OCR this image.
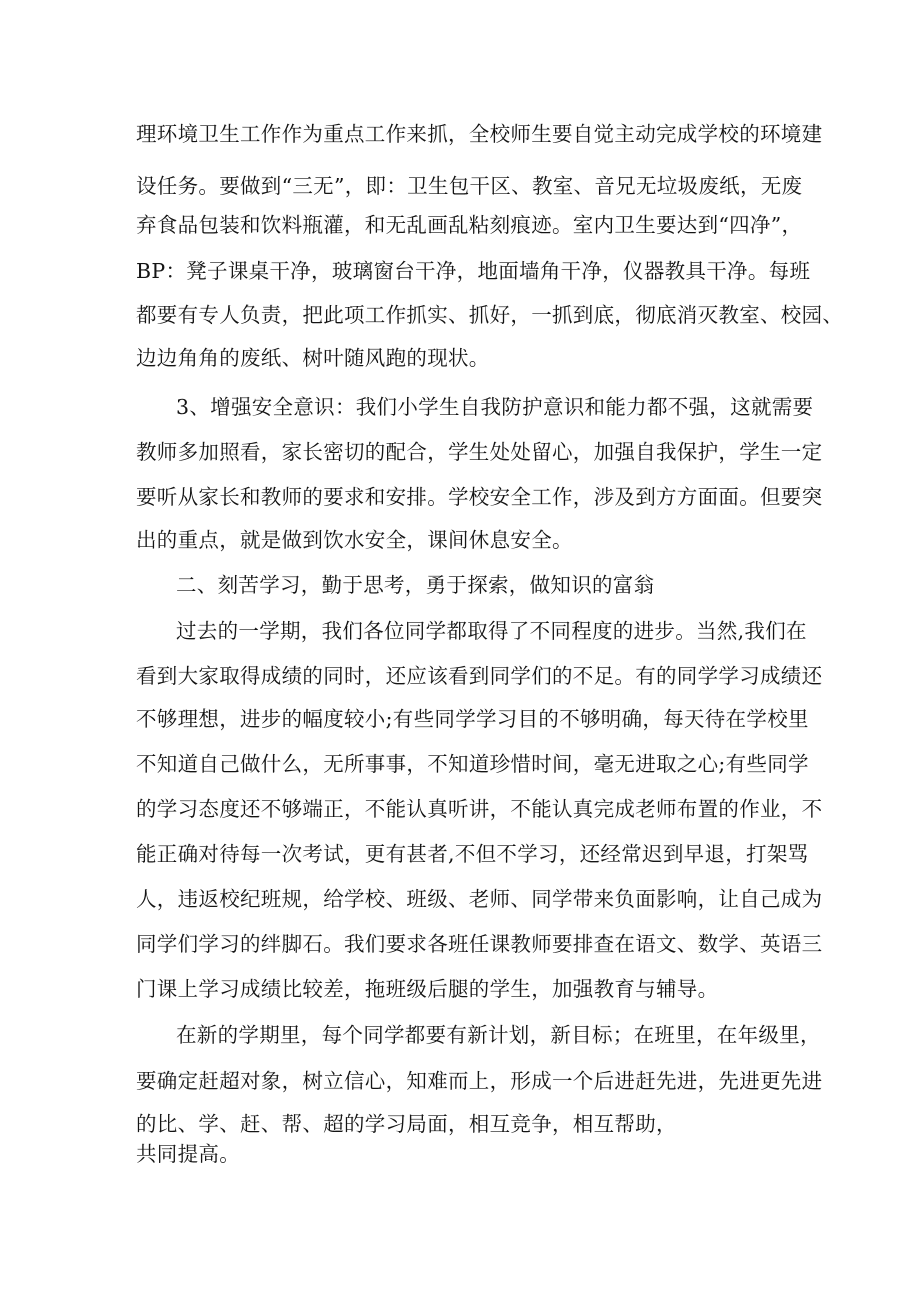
理环境卫生工作作为重点工作来抓，全校师生要自觉主动完成学校的环境建
设任务。要做到“三无”，即：卫生包干区、教室、音兄无垃圾废纸，无废
弃食品包装和饮料瓶灌，和无乱画乱粘刻痕迹。室内卫生要达到“四净”，
BP：凳子课桌干净，玻璃窗台干净，地面墙角干净，仪器教具干净。每班
都要有专人负责，把此项工作抓实、抓好，一抓到底，彻底消灭教室、校园、
边边角角的废纸、树叶随风跑的现状。
3、增强安全意识：我们小学生自我防护意识和能力都不强，这就需要
教师多加照看，家长密切的配合，学生处处留心，加强自我保护，学生一定
要听从家长和教师的要求和安排。学校安全工作，涉及到方方面面。但要突
出的重点，就是做到饮水安全，课间休息安全。
二、刻苦学习，勤于思考，勇于探索，做知识的富翁
过去的一学期，我们各位同学都取得了不同程度的进步。当然,我们在
看到大家取得成绩的同时，还应该看到同学们的不足。有的同学学习成绩还
不够理想，进步的幅度较小;有些同学学习目的不够明确，每天待在学校里
不知道自己做什么，无所事事，不知道珍惜时间，毫无进取之心;有些同学
的学习态度还不够端正，不能认真听讲，不能认真完成老师布置的作业，不
能正确对待每一次考试，更有甚者,不但不学习，还经常迟到早退，打架骂
人，违返校纪班规，给学校、班级、老师、同学带来负面影响，让自己成为
同学们学习的绊脚石。我们要求各班任课教师要排查在语文、数学、英语三
门课上学习成绩比较差，拖班级后腿的学生，加强教育与辅导。
在新的学期里，每个同学都要有新计划，新目标；在班里，在年级里，
要确定赶超对象，树立信心，知难而上，形成一个后进赶先进，先进更先进
的比、学、赶、帮、超的学习局面，相互竞争，相互帮助，
共同提高。
